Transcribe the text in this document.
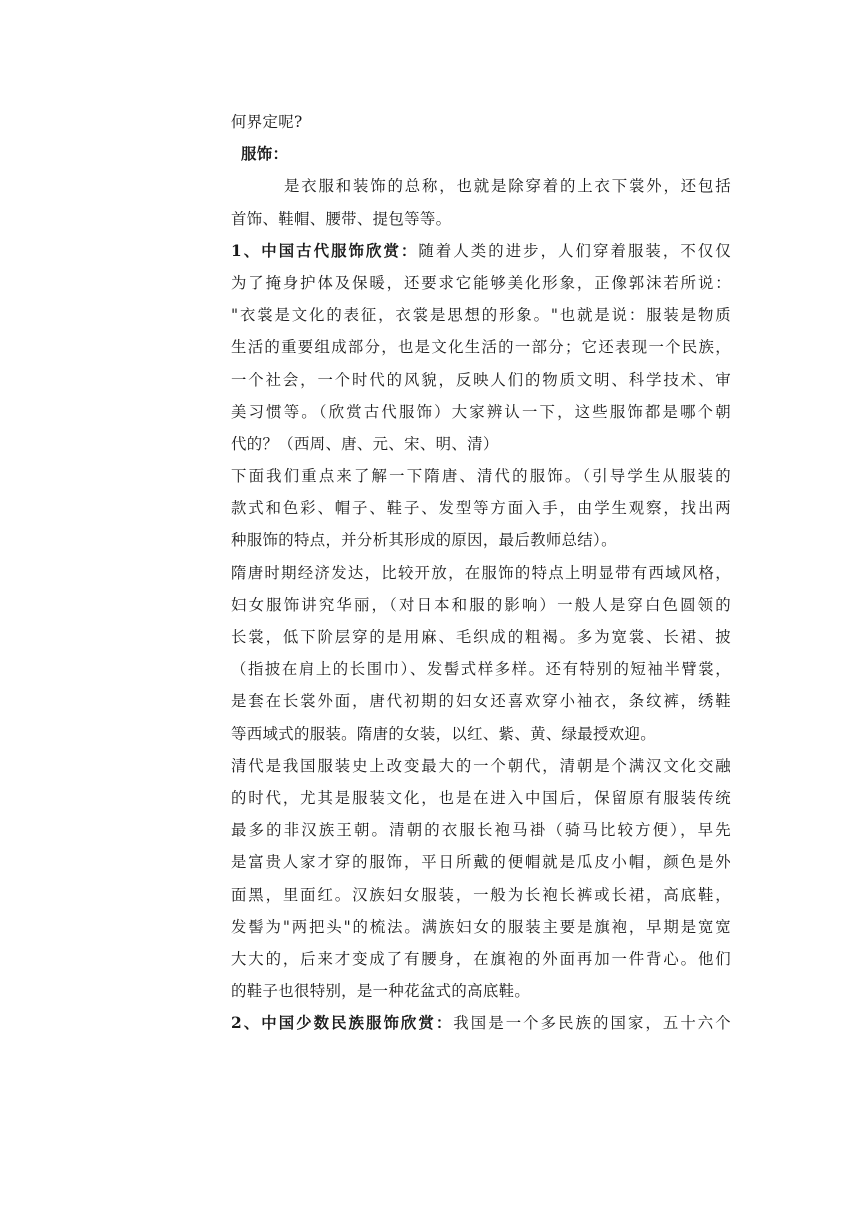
何界定呢?
服饰：
是衣服和装饰的总称，也就是除穿着的上衣下裳外，还包括
首饰、鞋帽、腰带、提包等等。
1、中国古代服饰欣赏：随着人类的进步，人们穿着服装，不仅仅
为了掩身护体及保暖，还要求它能够美化形象，正像郭沫若所说：
"衣裳是文化的表征，衣裳是思想的形象。"也就是说：服装是物质
生活的重要组成部分，也是文化生活的一部分；它还表现一个民族，
一个社会，一个时代的风貌，反映人们的物质文明、科学技术、审
美习惯等。（欣赏古代服饰）大家辨认一下，这些服饰都是哪个朝
代的？（西周、唐、元、宋、明、清）
下面我们重点来了解一下隋唐、清代的服饰。（引导学生从服装的
款式和色彩、帽子、鞋子、发型等方面入手，由学生观察，找出两
种服饰的特点，并分析其形成的原因，最后教师总结）。
隋唐时期经济发达，比较开放，在服饰的特点上明显带有西域风格，
妇女服饰讲究华丽，（对日本和服的影响）一般人是穿白色圆领的
长裳，低下阶层穿的是用麻、毛织成的粗褐。多为宽裳、长裙、披
（指披在肩上的长围巾）、发髻式样多样。还有特别的短袖半臂裳，
是套在长裳外面，唐代初期的妇女还喜欢穿小袖衣，条纹裤，绣鞋
等西域式的服装。隋唐的女装，以红、紫、黄、绿最授欢迎。
清代是我国服装史上改变最大的一个朝代，清朝是个满汉文化交融
的时代，尤其是服装文化，也是在进入中国后，保留原有服装传统
最多的非汉族王朝。清朝的衣服长袍马褂（骑马比较方便），早先
是富贵人家才穿的服饰，平日所戴的便帽就是瓜皮小帽，颜色是外
面黑，里面红。汉族妇女服装，一般为长袍长裤或长裙，高底鞋，
发髻为"两把头"的梳法。满族妇女的服装主要是旗袍，早期是宽宽
大大的，后来才变成了有腰身，在旗袍的外面再加一件背心。他们
的鞋子也很特别，是一种花盆式的高底鞋。
2、中国少数民族服饰欣赏：我国是一个多民族的国家，五十六个
